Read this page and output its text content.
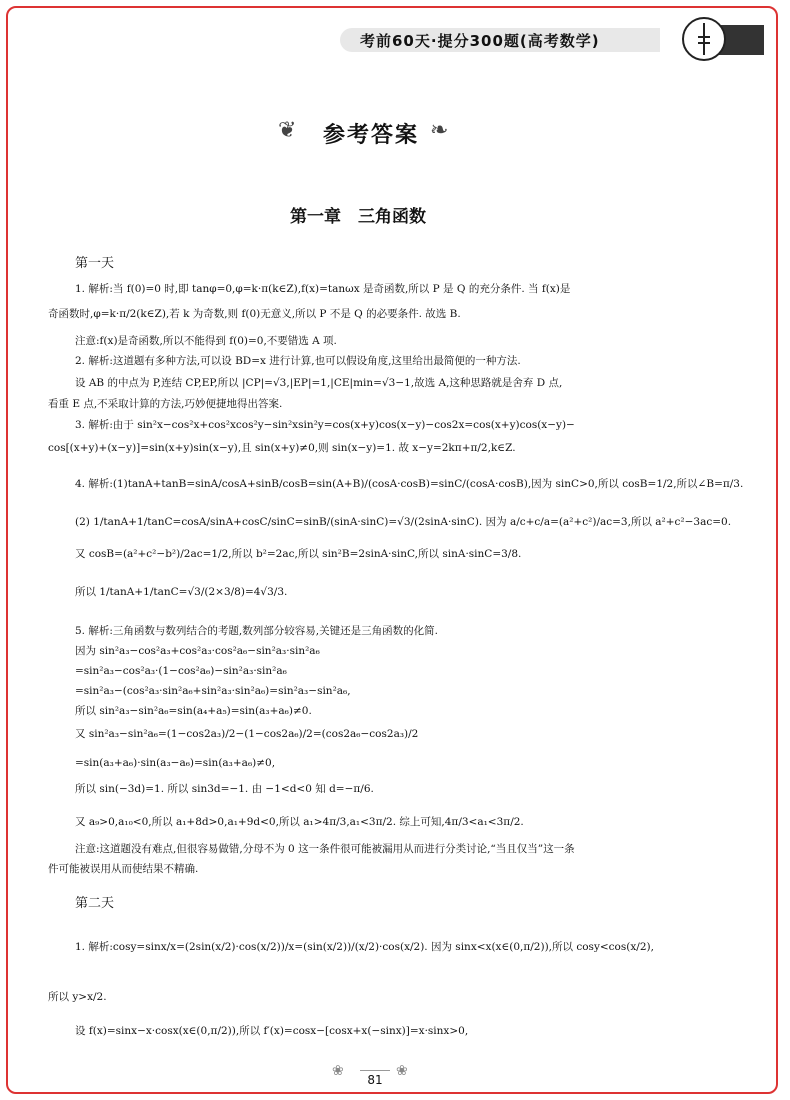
考前60天·提分300题(高考数学)
❦ 参考答案 ❧
第一章　三角函数
第一天
1. 解析:当 f(0)=0 时,即 tanφ=0,φ=k·π(k∈Z),f(x)=tanωx 是奇函数,所以 P 是 Q 的充分条件. 当 f(x)是
奇函数时,φ=k·π/2(k∈Z),若 k 为奇数,则 f(0)无意义,所以 P 不是 Q 的必要条件. 故选 B.
注意:f(x)是奇函数,所以不能得到 f(0)=0,不要错选 A 项.
2. 解析:这道题有多种方法,可以设 BD=x 进行计算,也可以假设角度,这里给出最简便的一种方法.
设 AB 的中点为 P,连结 CP,EP,所以 |CP|=√3,|EP|=1,|CE|min=√3−1,故选 A,这种思路就是舍弃 D 点,
看重 E 点,不采取计算的方法,巧妙便捷地得出答案.
3. 解析:由于 sin²x−cos²x+cos²xcos²y−sin²xsin²y=cos(x+y)cos(x−y)−cos2x=cos(x+y)cos(x−y)−
cos[(x+y)+(x−y)]=sin(x+y)sin(x−y),且 sin(x+y)≠0,则 sin(x−y)=1. 故 x−y=2kπ+π/2,k∈Z.
4. 解析:(1)tanA+tanB=sinA/cosA+sinB/cosB=sin(A+B)/(cosA·cosB)=sinC/(cosA·cosB),因为 sinC>0,所以 cosB=1/2,所以∠B=π/3.
(2) 1/tanA+1/tanC=cosA/sinA+cosC/sinC=sinB/(sinA·sinC)=√3/(2sinA·sinC). 因为 a/c+c/a=(a²+c²)/ac=3,所以 a²+c²−3ac=0.
又 cosB=(a²+c²−b²)/2ac=1/2,所以 b²=2ac,所以 sin²B=2sinA·sinC,所以 sinA·sinC=3/8.
所以 1/tanA+1/tanC=√3/(2×3/8)=4√3/3.
5. 解析:三角函数与数列结合的考题,数列部分较容易,关键还是三角函数的化简.
因为 sin²a₃−cos²a₃+cos²a₃·cos²a₆−sin²a₃·sin²a₆
=sin²a₃−cos²a₃·(1−cos²a₆)−sin²a₃·sin²a₆
=sin²a₃−(cos²a₃·sin²a₆+sin²a₃·sin²a₆)=sin²a₃−sin²a₆,
所以 sin²a₃−sin²a₆=sin(a₄+a₅)=sin(a₃+a₆)≠0.
又 sin²a₃−sin²a₆=(1−cos2a₃)/2−(1−cos2a₆)/2=(cos2a₆−cos2a₃)/2
=sin(a₃+a₆)·sin(a₃−a₆)=sin(a₃+a₆)≠0,
所以 sin(−3d)=1. 所以 sin3d=−1. 由 −1<d<0 知 d=−π/6.
又 a₉>0,a₁₀<0,所以 a₁+8d>0,a₁+9d<0,所以 a₁>4π/3,a₁<3π/2. 综上可知,4π/3<a₁<3π/2.
注意:这道题没有难点,但很容易做错,分母不为 0 这一条件很可能被漏用从而进行分类讨论,“当且仅当”这一条
件可能被误用从而使结果不精确.
第二天
1. 解析:cosy=sinx/x=(2sin(x/2)·cos(x/2))/x=(sin(x/2))/(x/2)·cos(x/2). 因为 sinx<x(x∈(0,π/2)),所以 cosy<cos(x/2),
所以 y>x/2.
设 f(x)=sinx−x·cosx(x∈(0,π/2)),所以 f′(x)=cosx−[cosx+x(−sinx)]=x·sinx>0,
❀
81
❀
